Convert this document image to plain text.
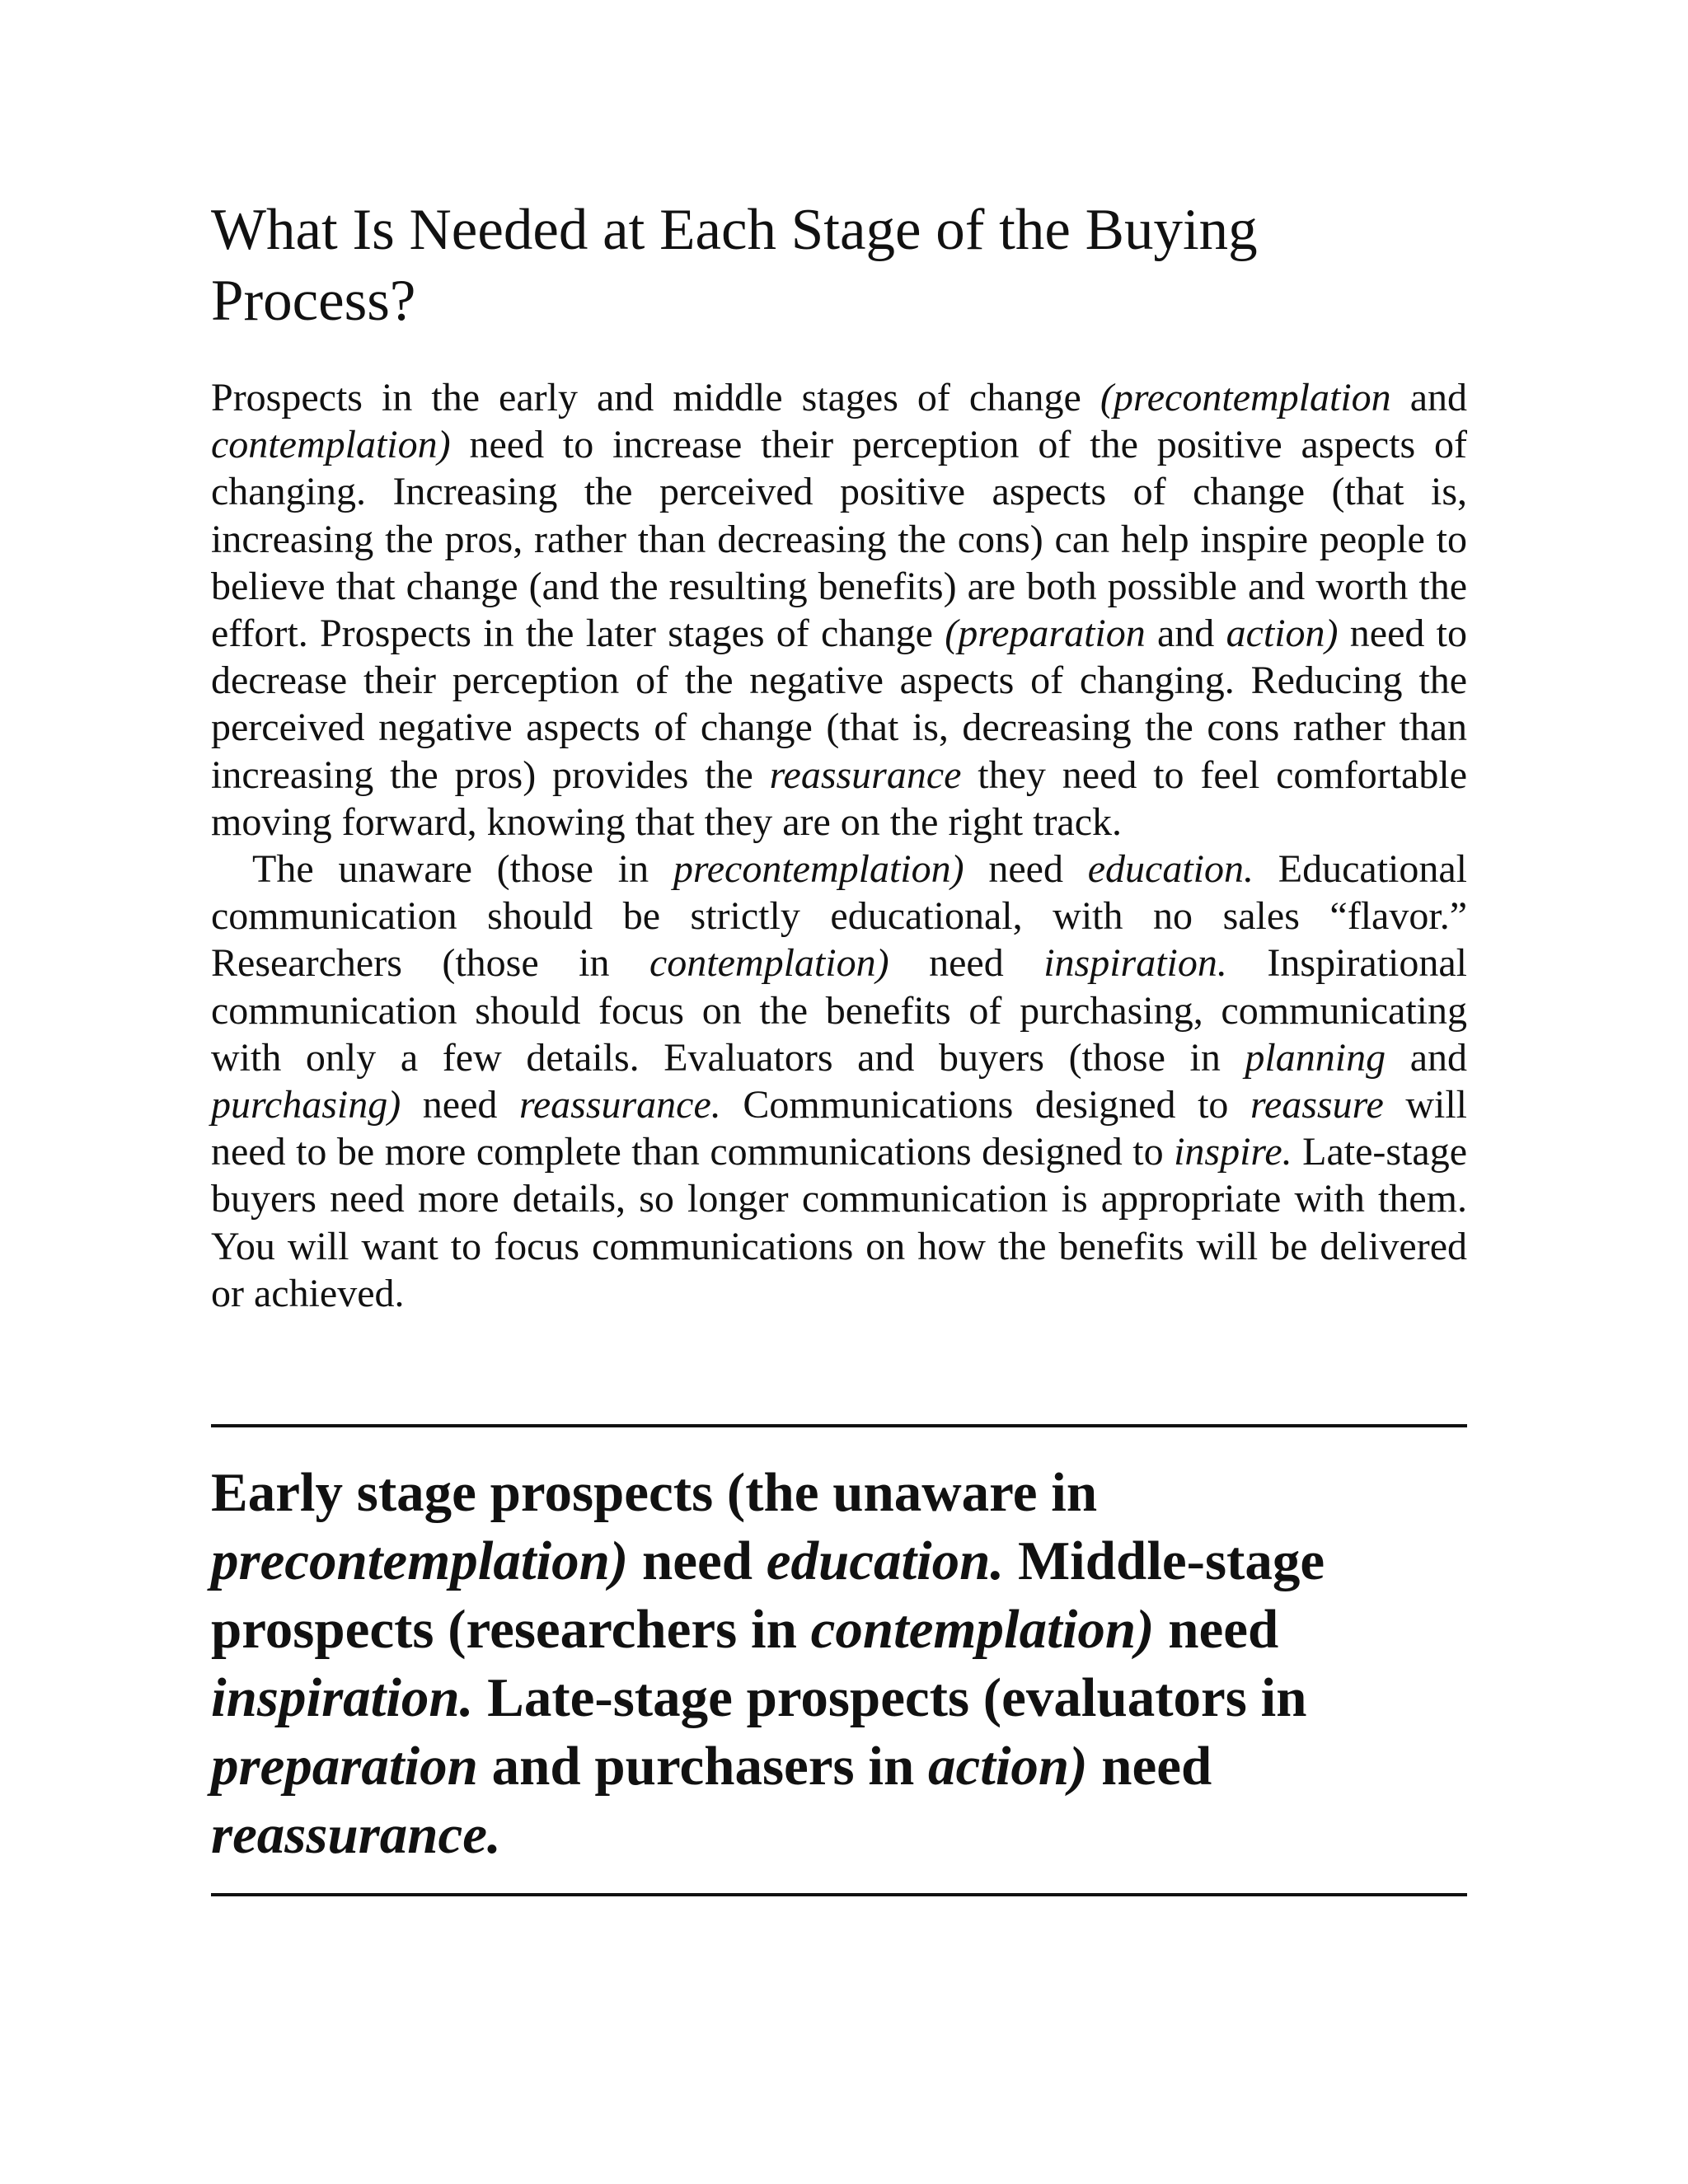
What Is Needed at Each Stage of the Buying Process?

Prospects in the early and middle stages of change (precontemplation and contemplation) need to increase their perception of the positive aspects of changing. Increasing the perceived positive aspects of change (that is, increasing the pros, rather than decreasing the cons) can help inspire people to believe that change (and the resulting benefits) are both possible and worth the effort. Prospects in the later stages of change (preparation and action) need to decrease their perception of the negative aspects of changing. Reducing the perceived negative aspects of change (that is, decreasing the cons rather than increasing the pros) provides the reassurance they need to feel comfortable moving forward, knowing that they are on the right track.

The unaware (those in precontemplation) need education. Educational communication should be strictly educational, with no sales “flavor.” Researchers (those in contemplation) need inspiration. Inspirational communication should focus on the benefits of purchasing, communicating with only a few details. Evaluators and buyers (those in planning and purchasing) need reassurance. Communications designed to reassure will need to be more complete than communications designed to inspire. Late-stage buyers need more details, so longer communication is appropriate with them. You will want to focus communications on how the benefits will be delivered or achieved.

Early stage prospects (the unaware in precontemplation) need education. Middle-stage prospects (researchers in contemplation) need inspiration. Late-stage prospects (evaluators in preparation and purchasers in action) need reassurance.
